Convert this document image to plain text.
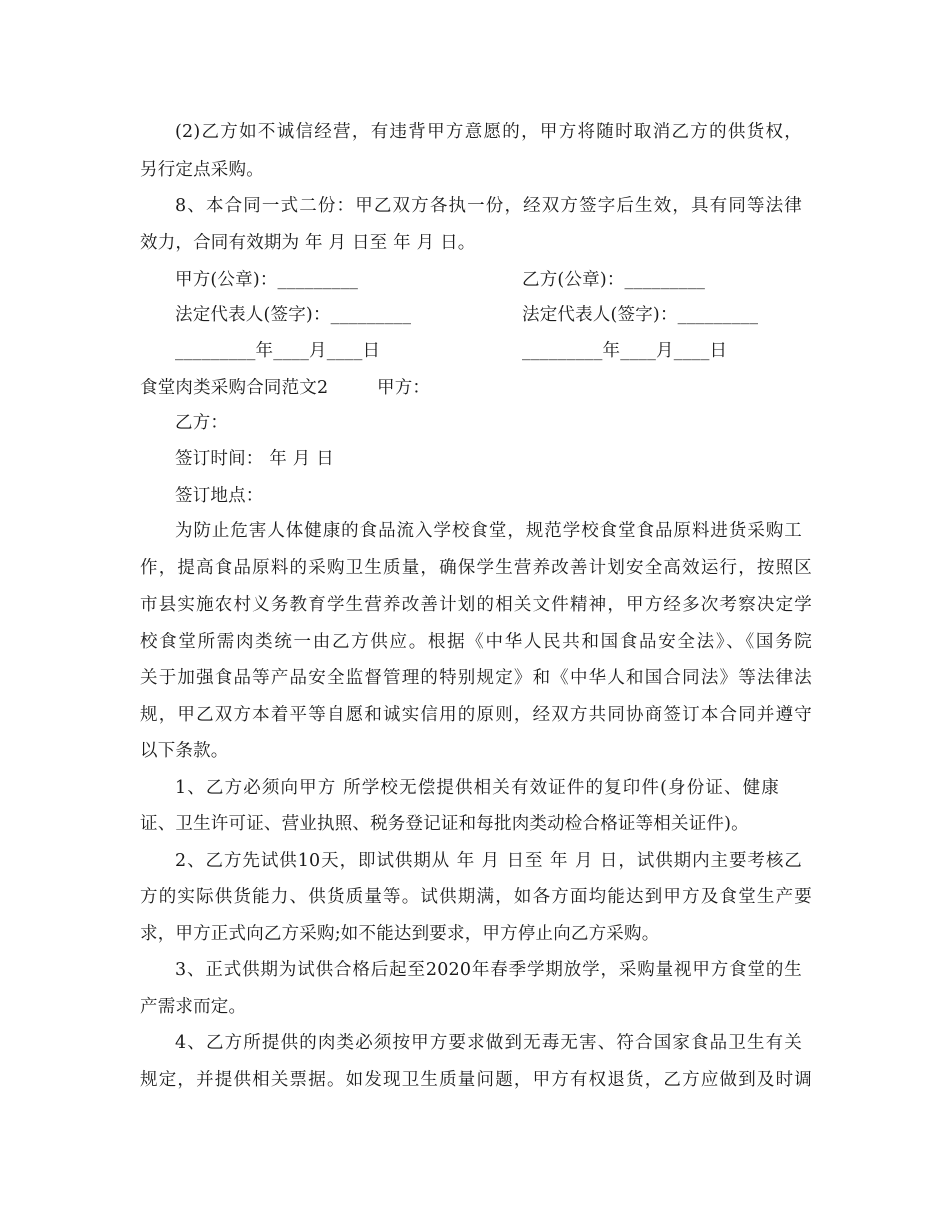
(2)乙方如不诚信经营，有违背甲方意愿的，甲方将随时取消乙方的供货权，
另行定点采购。
8、本合同一式二份：甲乙双方各执一份，经双方签字后生效，具有同等法律
效力，合同有效期为 年 月 日至 年 月 日。
甲方(公章)：_________	乙方(公章)：_________
法定代表人(签字)：_________	法定代表人(签字)：_________
_________年____月____日	_________年____月____日
食堂肉类采购合同范文2	甲方：
乙方：
签订时间： 年 月 日
签订地点：
为防止危害人体健康的食品流入学校食堂，规范学校食堂食品原料进货采购工
作，提高食品原料的采购卫生质量，确保学生营养改善计划安全高效运行，按照区
市县实施农村义务教育学生营养改善计划的相关文件精神，甲方经多次考察决定学
校食堂所需肉类统一由乙方供应。根据《中华人民共和国食品安全法》、《国务院
关于加强食品等产品安全监督管理的特别规定》和《中华人和国合同法》等法律法
规，甲乙双方本着平等自愿和诚实信用的原则，经双方共同协商签订本合同并遵守
以下条款。
1、乙方必须向甲方 所学校无偿提供相关有效证件的复印件(身份证、健康
证、卫生许可证、营业执照、税务登记证和每批肉类动检合格证等相关证件)。
2、乙方先试供10天，即试供期从 年 月 日至 年 月 日，试供期内主要考核乙
方的实际供货能力、供货质量等。试供期满，如各方面均能达到甲方及食堂生产要
求，甲方正式向乙方采购;如不能达到要求，甲方停止向乙方采购。
3、正式供期为试供合格后起至2020年春季学期放学，采购量视甲方食堂的生
产需求而定。
4、乙方所提供的肉类必须按甲方要求做到无毒无害、符合国家食品卫生有关
规定，并提供相关票据。如发现卫生质量问题，甲方有权退货，乙方应做到及时调
